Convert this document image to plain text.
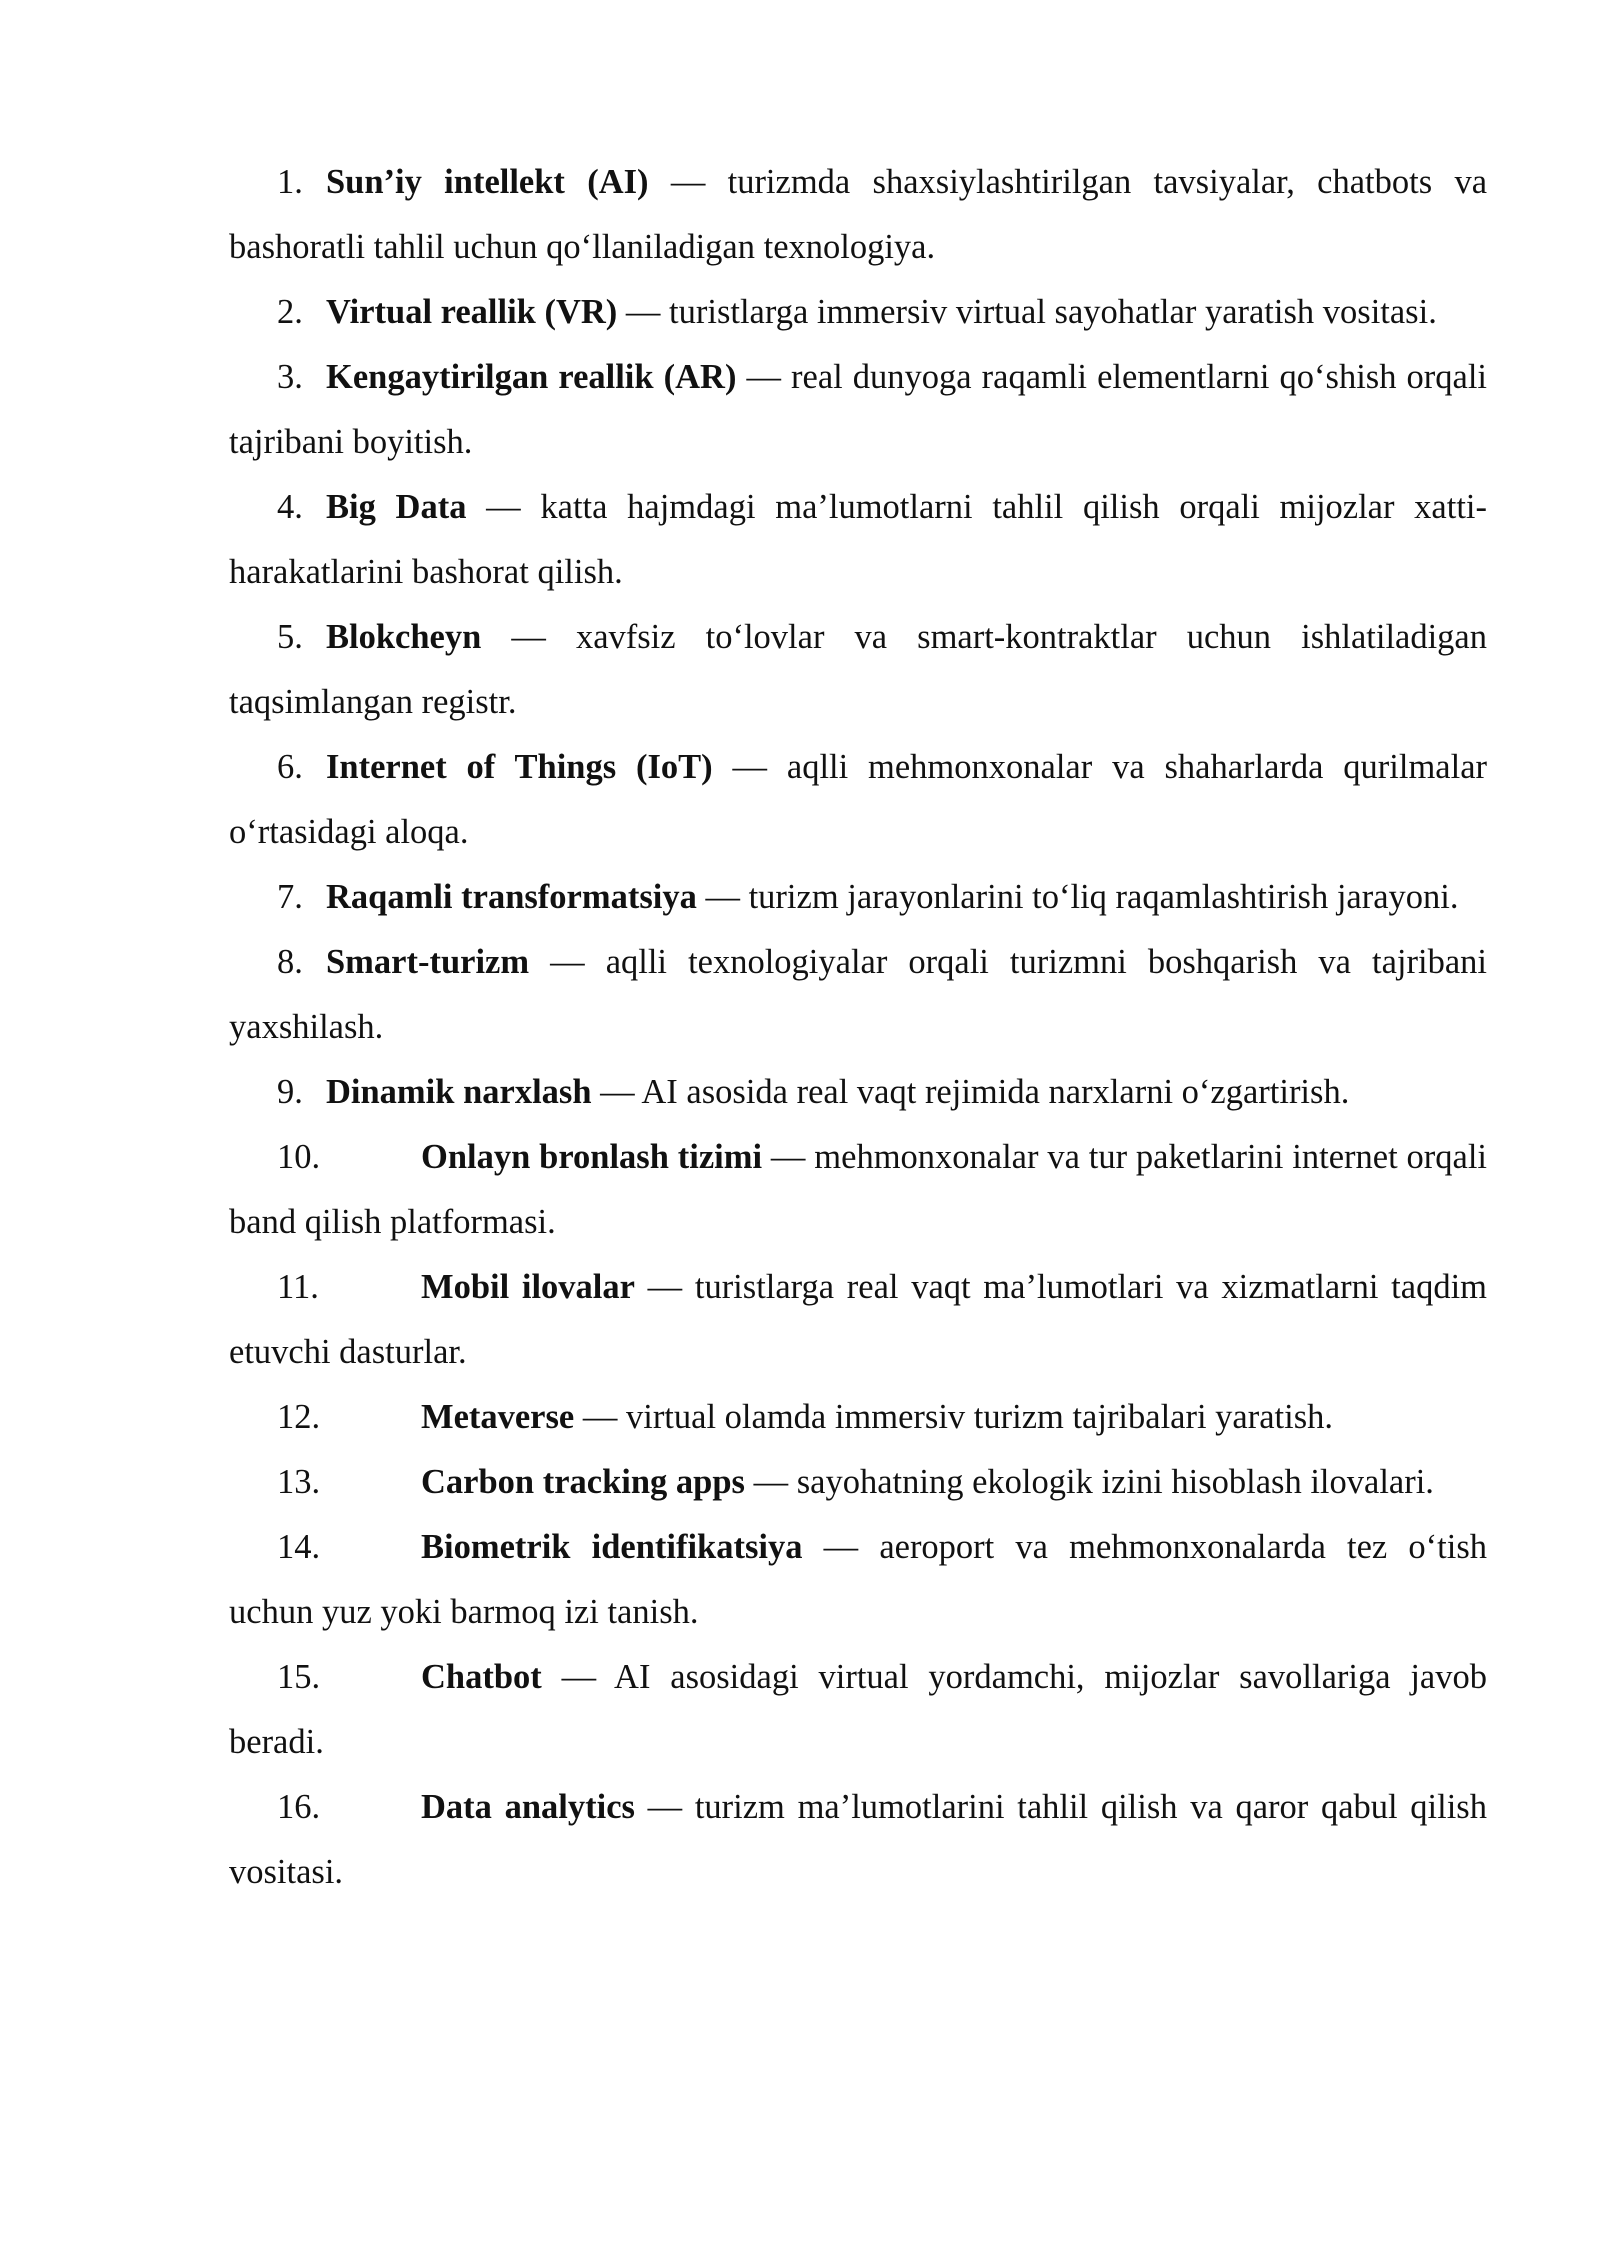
1. Sun’iy intellekt (AI) — turizmda shaxsiylashtirilgan tavsiyalar, chatbots va bashoratli tahlil uchun qo‘llaniladigan texnologiya.

2. Virtual reallik (VR) — turistlarga immersiv virtual sayohatlar yaratish vositasi.

3. Kengaytirilgan reallik (AR) — real dunyoga raqamli elementlarni qo‘shish orqali tajribani boyitish.

4. Big Data — katta hajmdagi ma’lumotlarni tahlil qilish orqali mijozlar xatti-harakatlarini bashorat qilish.

5. Blokcheyn — xavfsiz to‘lovlar va smart-kontraktlar uchun ishlatiladigan taqsimlangan registr.

6. Internet of Things (IoT) — aqlli mehmonxonalar va shaharlarda qurilmalar o‘rtasidagi aloqa.

7. Raqamli transformatsiya — turizm jarayonlarini to‘liq raqamlashtirish jarayoni.

8. Smart-turizm — aqlli texnologiyalar orqali turizmni boshqarish va tajribani yaxshilash.

9. Dinamik narxlash — AI asosida real vaqt rejimida narxlarni o‘zgartirish.

10.	Onlayn bronlash tizimi — mehmonxonalar va tur paketlarini internet orqali band qilish platformasi.

11.	Mobil ilovalar — turistlarga real vaqt ma’lumotlari va xizmatlarni taqdim etuvchi dasturlar.

12.	Metaverse — virtual olamda immersiv turizm tajribalari yaratish.

13.	Carbon tracking apps — sayohatning ekologik izini hisoblash ilovalari.

14.	Biometrik identifikatsiya — aeroport va mehmonxonalarda tez o‘tish uchun yuz yoki barmoq izi tanish.

15.	Chatbot — AI asosidagi virtual yordamchi, mijozlar savollariga javob beradi.

16.	Data analytics — turizm ma’lumotlarini tahlil qilish va qaror qabul qilish vositasi.
